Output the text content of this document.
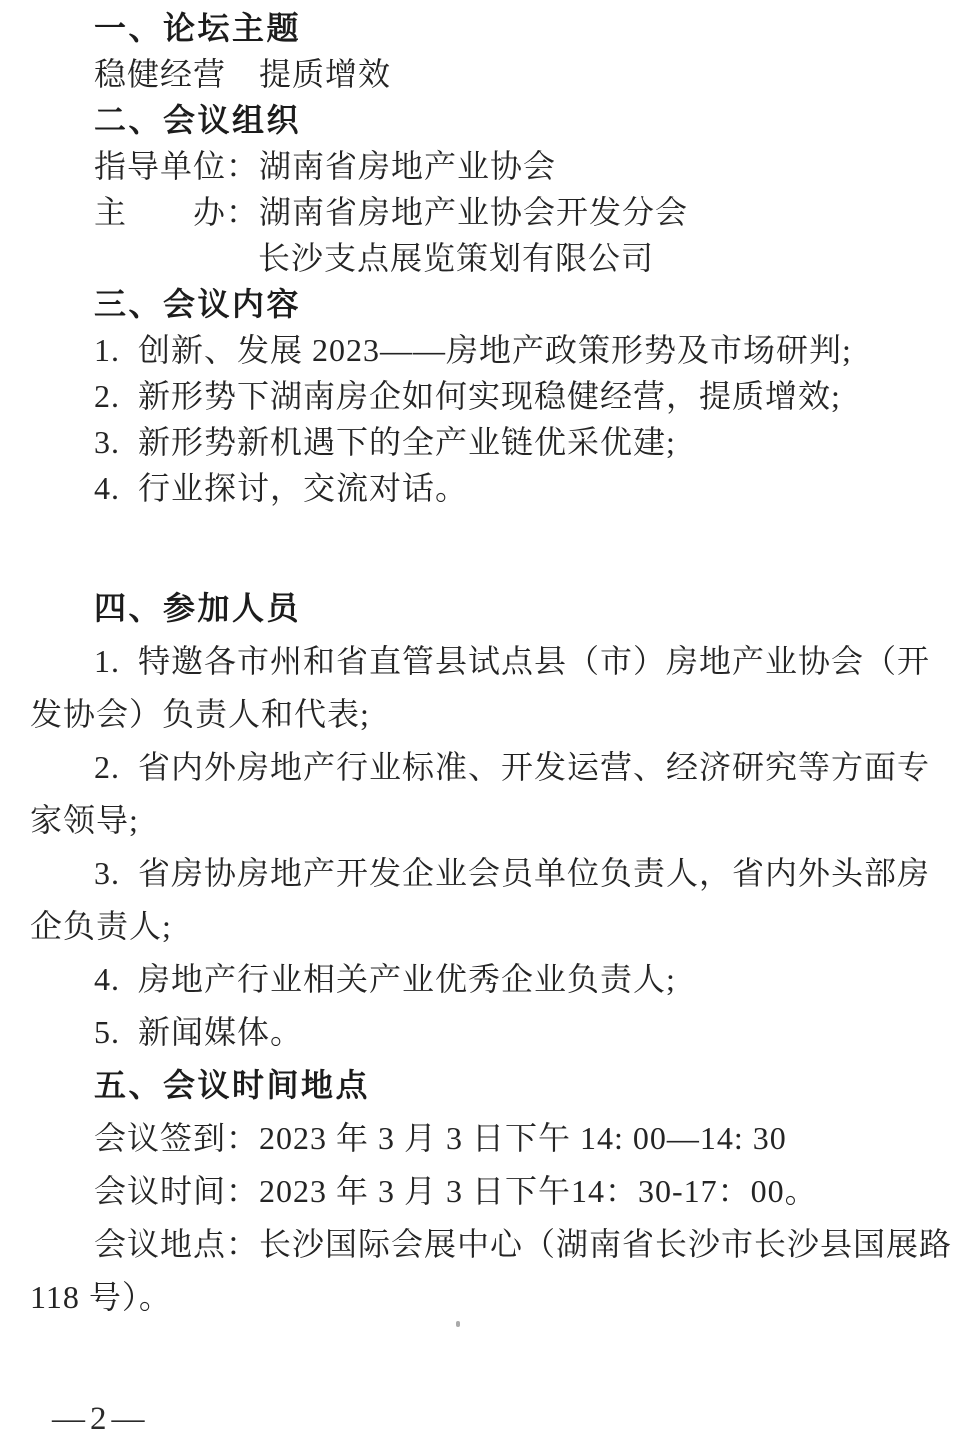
一、论坛主题
稳健经营　提质增效
二、会议组织
指导单位：湖南省房地产业协会
主　　办：湖南省房地产业协会开发分会
长沙支点展览策划有限公司
三、会议内容
1.  创新、发展 2023——房地产政策形势及市场研判;
2.  新形势下湖南房企如何实现稳健经营，提质增效;
3.  新形势新机遇下的全产业链优采优建;
4.  行业探讨，交流对话。
四、参加人员
1.  特邀各市州和省直管县试点县（市）房地产业协会（开发协会）负责人和代表;
2.  省内外房地产行业标准、开发运营、经济研究等方面专家领导;
3.  省房协房地产开发企业会员单位负责人，省内外头部房企负责人;
4.  房地产行业相关产业优秀企业负责人;
5.  新闻媒体。
五、会议时间地点
会议签到：2023 年 3 月 3 日下午 14: 00—14: 30
会议时间：2023 年 3 月 3 日下午14：30-17：00。
会议地点：长沙国际会展中心（湖南省长沙市长沙县国展路118 号）。
—2—
